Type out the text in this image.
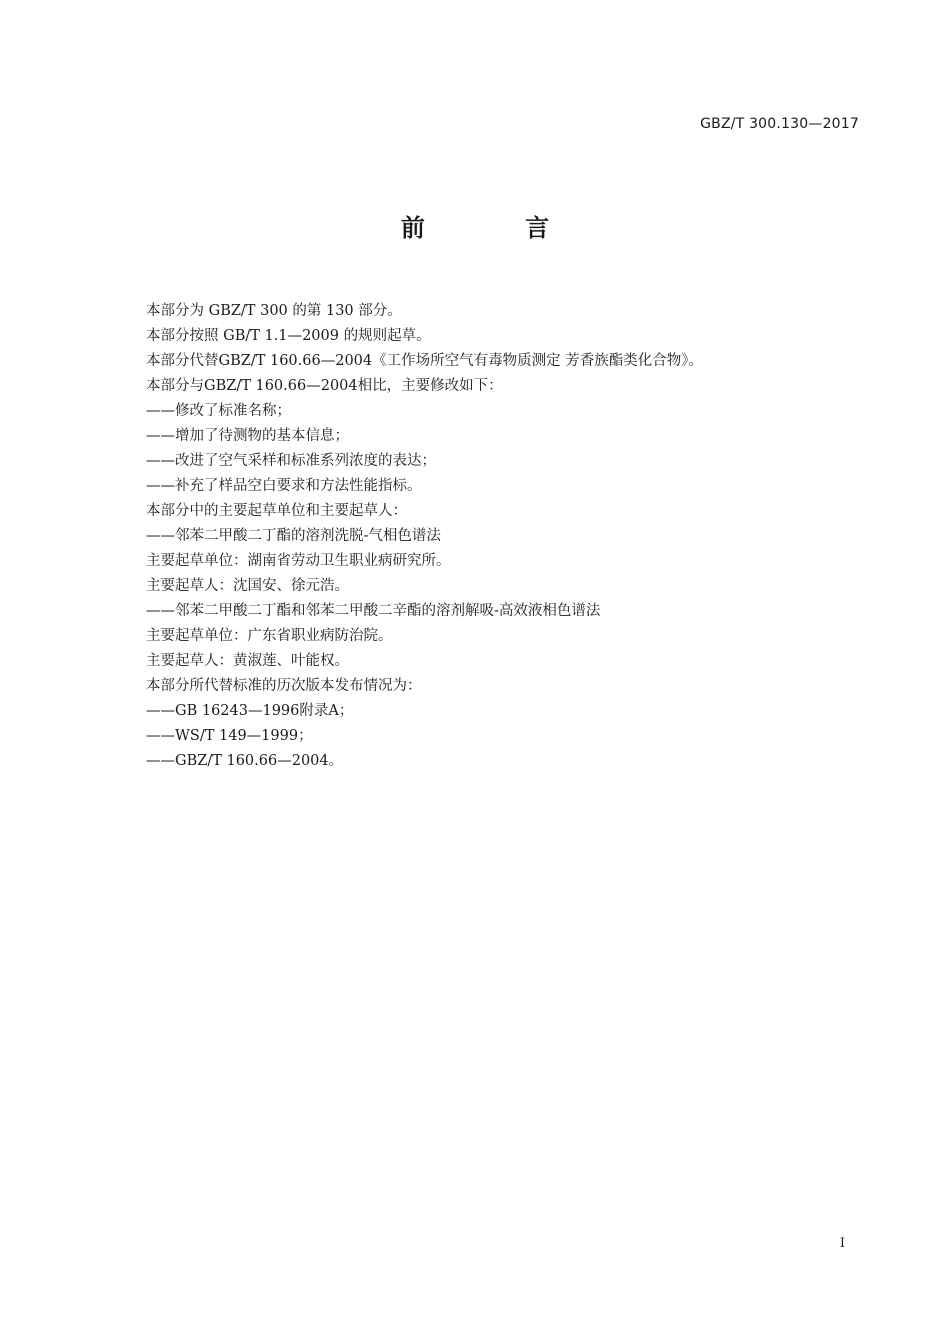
GBZ/T 300.130—2017
前 言
本部分为 GBZ/T 300 的第 130 部分。
本部分按照 GB/T 1.1—2009 的规则起草。
本部分代替GBZ/T 160.66—2004《工作场所空气有毒物质测定 芳香族酯类化合物》。
本部分与GBZ/T 160.66—2004相比，主要修改如下：
——修改了标准名称；
——增加了待测物的基本信息；
——改进了空气采样和标准系列浓度的表达；
——补充了样品空白要求和方法性能指标。
本部分中的主要起草单位和主要起草人：
——邻苯二甲酸二丁酯的溶剂洗脱-气相色谱法
主要起草单位：湖南省劳动卫生职业病研究所。
主要起草人：沈国安、徐元浩。
——邻苯二甲酸二丁酯和邻苯二甲酸二辛酯的溶剂解吸-高效液相色谱法
主要起草单位：广东省职业病防治院。
主要起草人：黄淑莲、叶能权。
本部分所代替标准的历次版本发布情况为：
——GB 16243—1996附录A；
——WS/T 149—1999；
——GBZ/T 160.66—2004。
I
